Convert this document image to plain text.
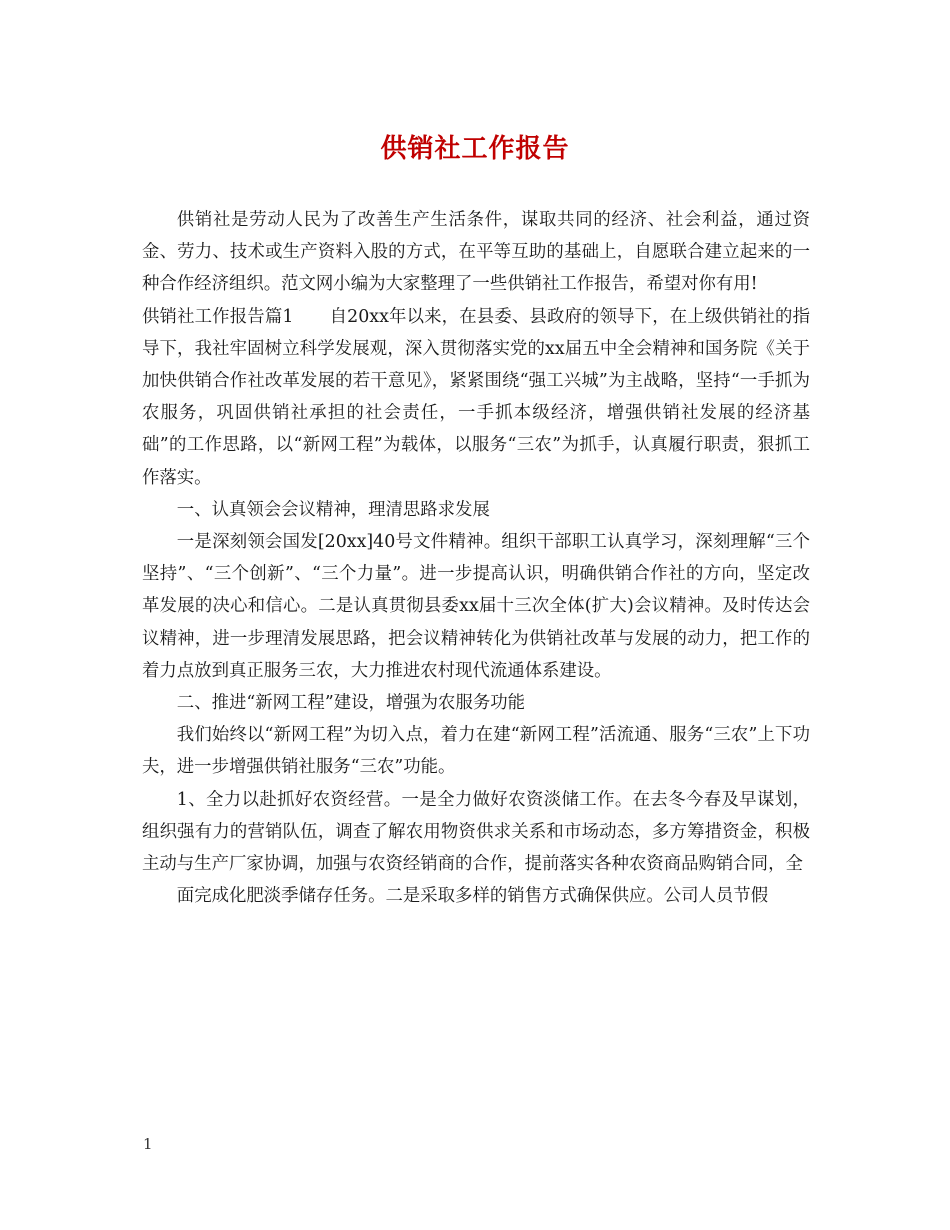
供销社工作报告

供销社是劳动人民为了改善生产生活条件，谋取共同的经济、社会利益，通过资金、劳力、技术或生产资料入股的方式，在平等互助的基础上，自愿联合建立起来的一种合作经济组织。范文网小编为大家整理了一些供销社工作报告，希望对你有用!

供销社工作报告篇1 自20xx年以来，在县委、县政府的领导下，在上级供销社的指导下，我社牢固树立科学发展观，深入贯彻落实党的xx届五中全会精神和国务院《关于加快供销合作社改革发展的若干意见》，紧紧围绕“强工兴城”为主战略，坚持“一手抓为农服务，巩固供销社承担的社会责任，一手抓本级经济，增强供销社发展的经济基础”的工作思路，以“新网工程”为载体，以服务“三农”为抓手，认真履行职责，狠抓工作落实。

一、认真领会会议精神，理清思路求发展

一是深刻领会国发[20xx]40号文件精神。组织干部职工认真学习，深刻理解“三个坚持”、“三个创新”、“三个力量”。进一步提高认识，明确供销合作社的方向，坚定改革发展的决心和信心。二是认真贯彻县委xx届十三次全体(扩大)会议精神。及时传达会议精神，进一步理清发展思路，把会议精神转化为供销社改革与发展的动力，把工作的着力点放到真正服务三农，大力推进农村现代流通体系建设。

二、推进“新网工程”建设，增强为农服务功能

我们始终以“新网工程”为切入点，着力在建“新网工程”活流通、服务“三农”上下功夫，进一步增强供销社服务“三农”功能。

1、全力以赴抓好农资经营。一是全力做好农资淡储工作。在去冬今春及早谋划，组织强有力的营销队伍，调查了解农用物资供求关系和市场动态，多方筹措资金，积极主动与生产厂家协调，加强与农资经销商的合作，提前落实各种农资商品购销合同，全

面完成化肥淡季储存任务。二是采取多样的销售方式确保供应。公司人员节假

1
